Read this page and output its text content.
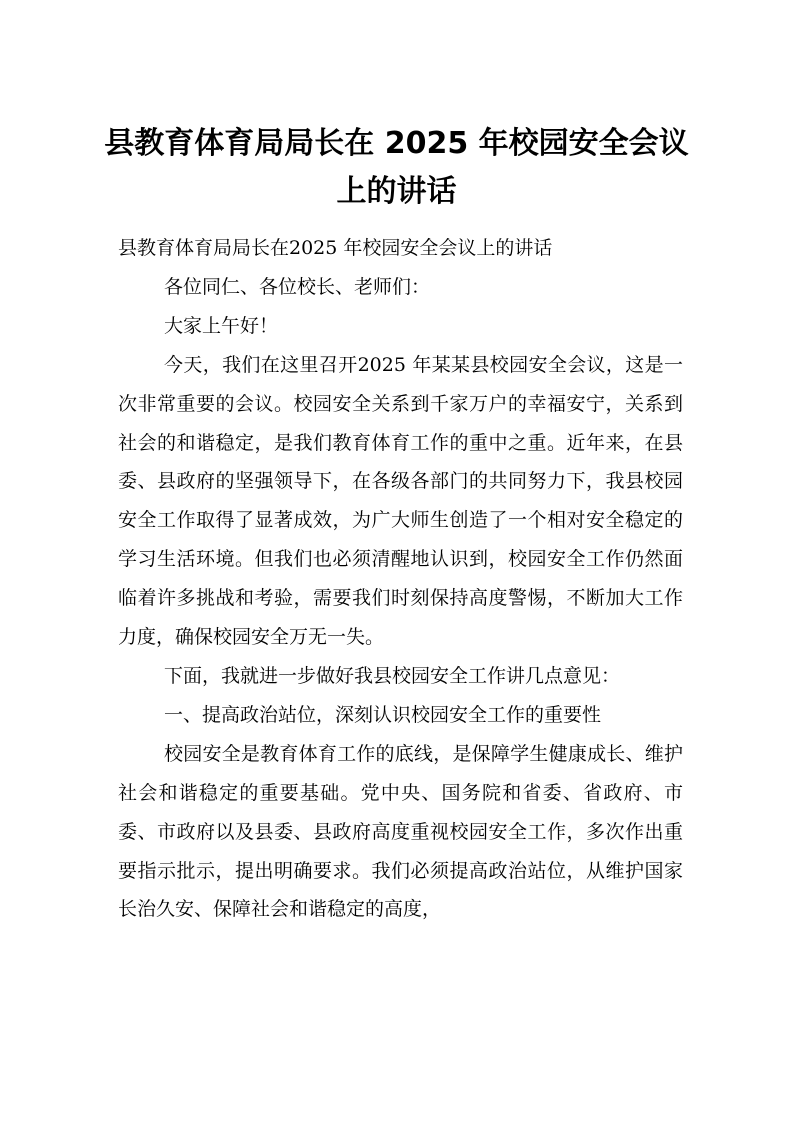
县教育体育局局长在 2025 年校园安全会议
上的讲话

县教育体育局局长在2025 年校园安全会议上的讲话

各位同仁、各位校长、老师们：

大家上午好！

今天，我们在这里召开2025 年某某县校园安全会议，这是一次非常重要的会议。校园安全关系到千家万户的幸福安宁，关系到社会的和谐稳定，是我们教育体育工作的重中之重。近年来，在县委、县政府的坚强领导下，在各级各部门的共同努力下，我县校园安全工作取得了显著成效，为广大师生创造了一个相对安全稳定的学习生活环境。但我们也必须清醒地认识到，校园安全工作仍然面临着许多挑战和考验，需要我们时刻保持高度警惕，不断加大工作力度，确保校园安全万无一失。

下面，我就进一步做好我县校园安全工作讲几点意见：

一、提高政治站位，深刻认识校园安全工作的重要性

校园安全是教育体育工作的底线，是保障学生健康成长、维护社会和谐稳定的重要基础。党中央、国务院和省委、省政府、市委、市政府以及县委、县政府高度重视校园安全工作，多次作出重要指示批示，提出明确要求。我们必须提高政治站位，从维护国家长治久安、保障社会和谐稳定的高度，
